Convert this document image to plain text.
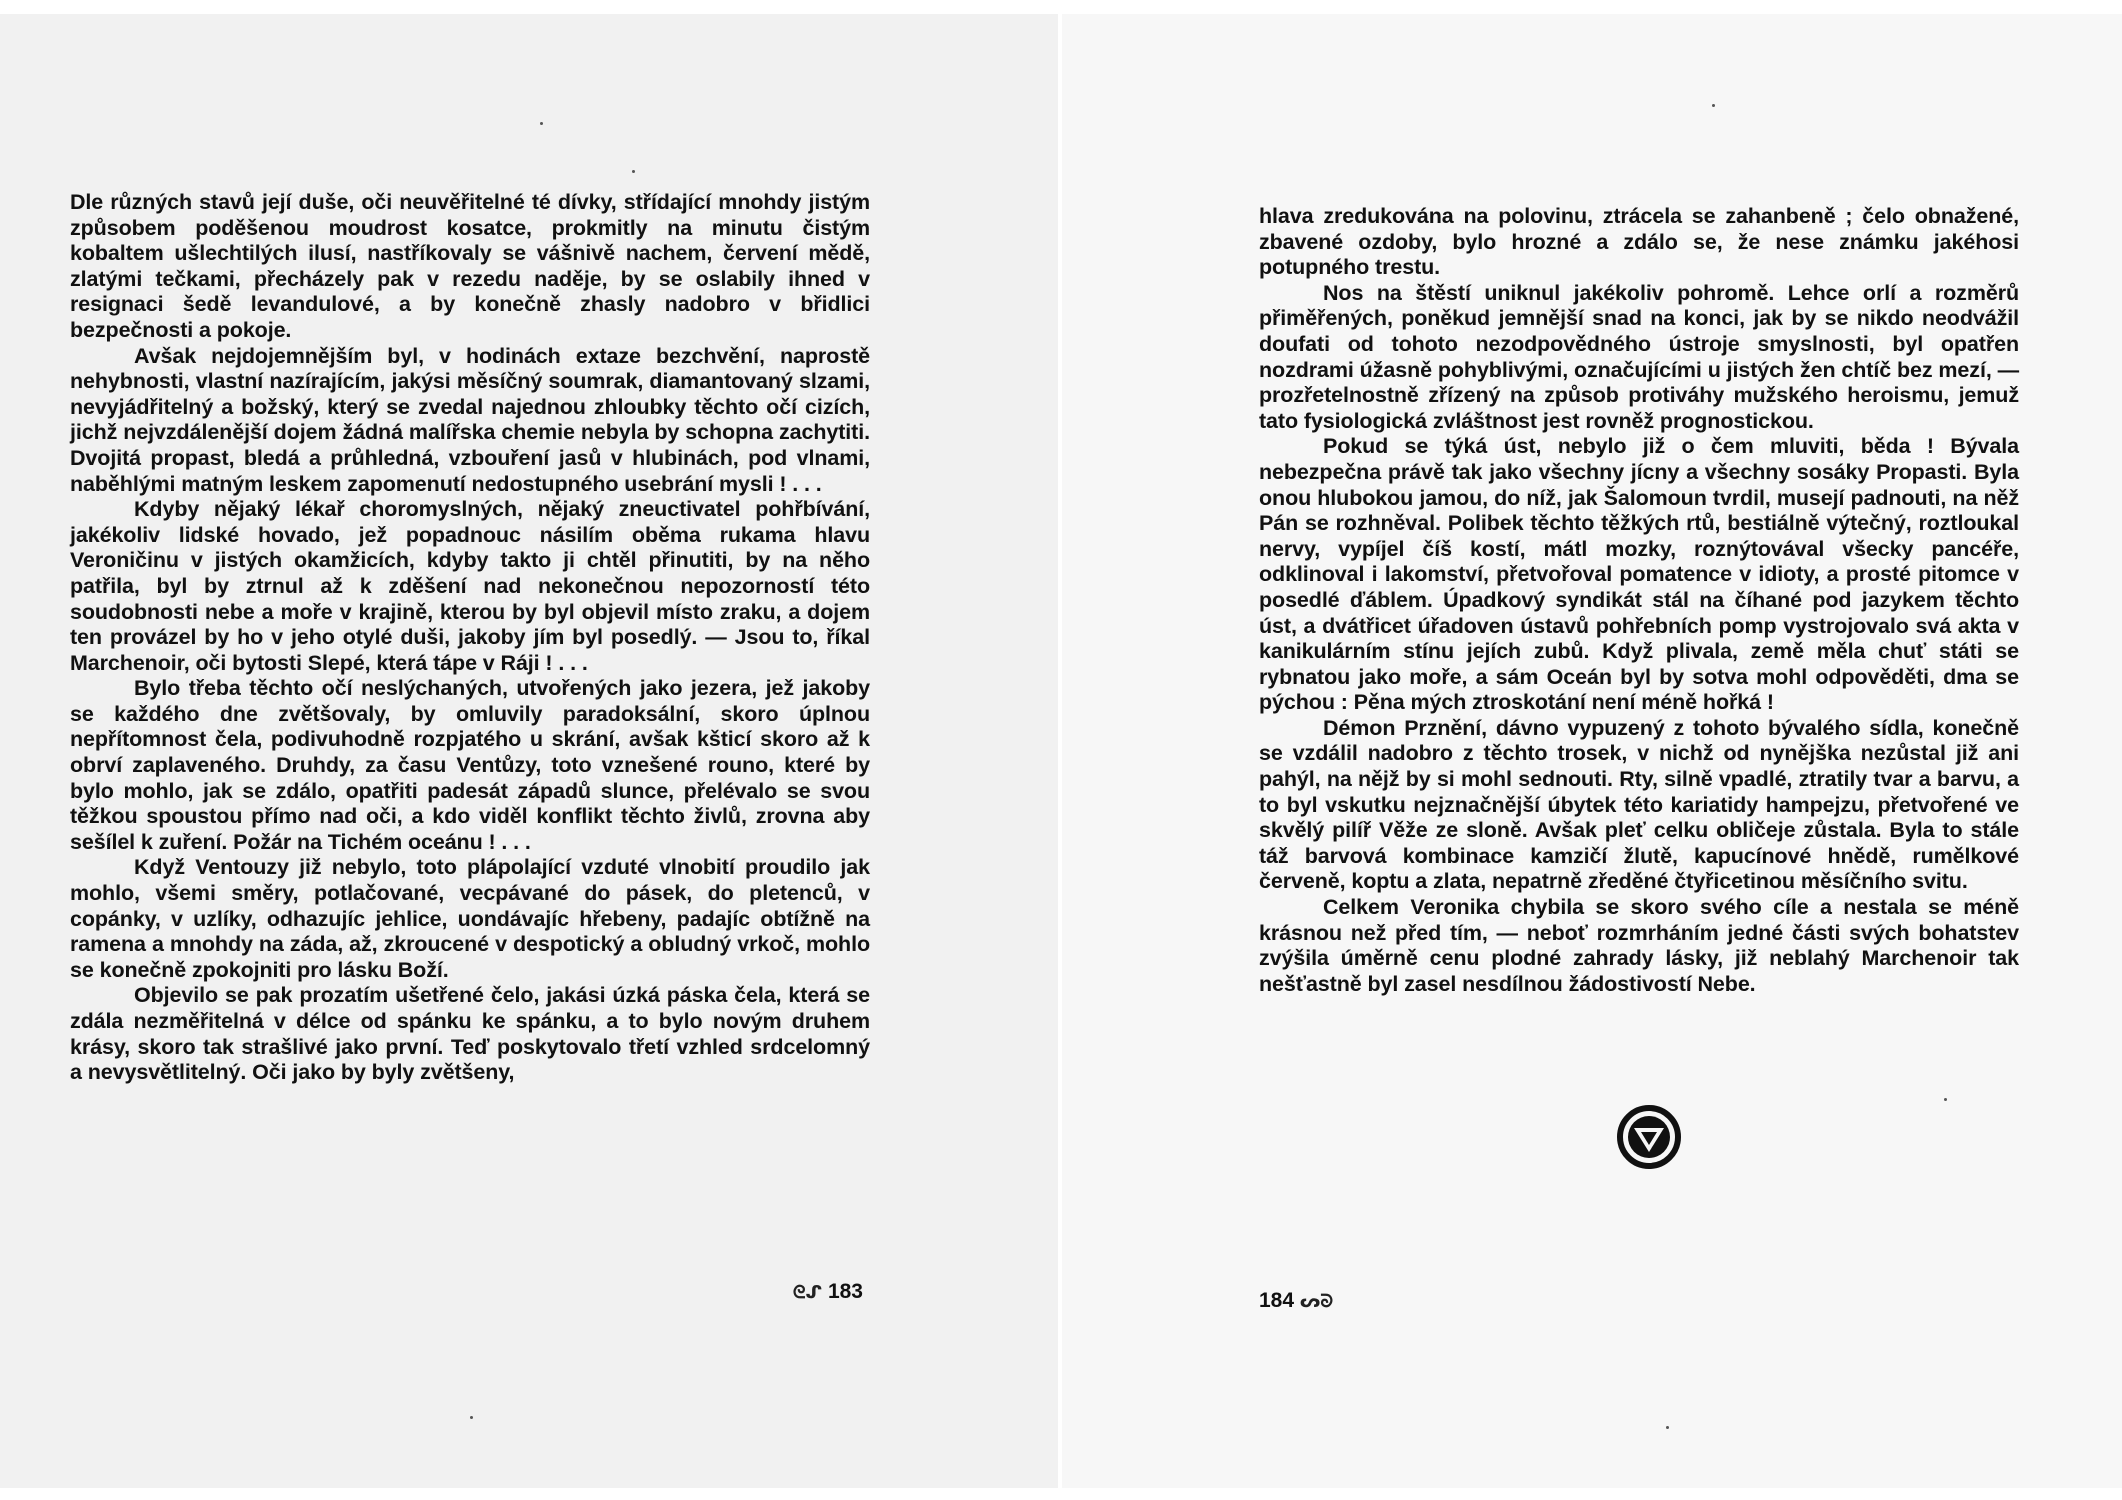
Dle různých stavů její duše, oči neuvěřitelné té dívky, střídající mnohdy jistým způsobem poděšenou moudrost kosatce, prokmitly na minutu čistým kobaltem ušlechtilých ilusí, nastříkovaly se vášnivě nachem, červení mědě, zlatými tečkami, přecházely pak v rezedu naděje, by se oslabily ihned v resignaci šedě levandulové, a by konečně zhasly nadobro v břidlici bezpečnosti a pokoje.

Avšak nejdojemnějším byl, v hodinách extaze bezchvění, naprostě nehybnosti, vlastní nazírajícím, jakýsi měsíčný soumrak, diamantovaný slzami, nevyjádřitelný a božský, který se zvedal najednou zhloubky těchto očí cizích, jichž nejvzdálenější dojem žádná malířska chemie nebyla by schopna zachytiti. Dvojitá propast, bledá a průhledná, vzbouření jasů v hlubinách, pod vlnami, naběhlými matným leskem zapomenutí nedostupného usebrání mysli ! . . .

Kdyby nějaký lékař choromyslných, nějaký zneuctivatel pohřbívání, jakékoliv lidské hovado, jež popadnouc násilím oběma rukama hlavu Veroničinu v jistých okamžicích, kdyby takto ji chtěl přinutiti, by na něho patřila, byl by ztrnul až k zděšení nad nekonečnou nepozorností této soudobnosti nebe a moře v krajině, kterou by byl objevil místo zraku, a dojem ten provázel by ho v jeho otylé duši, jakoby jím byl posedlý. — Jsou to, říkal Marchenoir, oči bytosti Slepé, která tápe v Ráji ! . . .

Bylo třeba těchto očí neslýchaných, utvořených jako jezera, jež jakoby se každého dne zvětšovaly, by omluvily paradoksální, skoro úplnou nepřítomnost čela, podivuhodně rozpjatého u skrání, avšak kšticí skoro až k obrví zaplaveného. Druhdy, za času Ventůzy, toto vznešené rouno, které by bylo mohlo, jak se zdálo, opatřiti padesát západů slunce, přelévalo se svou těžkou spoustou přímo nad oči, a kdo viděl konflikt těchto živlů, zrovna aby sešílel k zuření. Požár na Tichém oceánu ! . . .

Když Ventouzy již nebylo, toto plápolající vzduté vlnobití proudilo jak mohlo, všemi směry, potlačované, vecpávané do pásek, do pletenců, v copánky, v uzlíky, odhazujíc jehlice, uondávajíc hřebeny, padajíc obtížně na ramena a mnohdy na záda, až, zkroucené v despotický a obludný vrkoč, mohlo se konečně zpokojniti pro lásku Boží.

Objevilo se pak prozatím ušetřené čelo, jakási úzká páska čela, která se zdála nezměřitelná v délce od spánku ke spánku, a to bylo novým druhem krásy, skoro tak strašlivé jako první. Teď poskytovalo třetí vzhled srdcelomný a nevysvětlitelný. Oči jako by byly zvětšeny,

ᘓᔑ 183

hlava zredukována na polovinu, ztrácela se zahanbeně ; čelo obnažené, zbavené ozdoby, bylo hrozné a zdálo se, že nese známku jakéhosi potupného trestu.

Nos na štěstí uniknul jakékoliv pohromě. Lehce orlí a rozměrů přiměřených, poněkud jemnější snad na konci, jak by se nikdo neodvážil doufati od tohoto nezodpovědného ústroje smyslnosti, byl opatřen nozdrami úžasně pohyblivými, označujícími u jistých žen chtíč bez mezí, — prozřetelnostně zřízený na způsob protiváhy mužského heroismu, jemuž tato fysiologická zvláštnost jest rovněž prognostickou.

Pokud se týká úst, nebylo již o čem mluviti, běda ! Bývala nebezpečna právě tak jako všechny jícny a všechny sosáky Propasti. Byla onou hlubokou jamou, do níž, jak Šalomoun tvrdil, musejí padnouti, na něž Pán se rozhněval. Polibek těchto těžkých rtů, bestiálně výtečný, roztloukal nervy, vypíjel číš kostí, mátl mozky, roznýtovával všecky pancéře, odklinoval i lakomství, přetvořoval pomatence v idioty, a prosté pitomce v posedlé ďáblem. Úpadkový syndikát stál na číhané pod jazykem těchto úst, a dvátřicet úřadoven ústavů pohřebních pomp vystrojovalo svá akta v kanikulárním stínu jejích zubů. Když plivala, země měla chuť státi se rybnatou jako moře, a sám Oceán byl by sotva mohl odpověděti, dma se pýchou : Pěna mých ztroskotání není méně hořká !

Démon Prznění, dávno vypuzený z tohoto bývalého sídla, konečně se vzdálil nadobro z těchto trosek, v nichž od nynějška nezůstal již ani pahýl, na nějž by si mohl sednouti. Rty, silně vpadlé, ztratily tvar a barvu, a to byl vskutku nejznačnější úbytek této kariatidy hampejzu, přetvořené ve skvělý pilíř Věže ze sloně. Avšak pleť celku obličeje zůstala. Byla to stále táž barvová kombinace kamzičí žlutě, kapucínové hnědě, rumělkové červeně, koptu a zlata, nepatrně zředěné čtyřicetinou měsíčního svitu.

Celkem Veronika chybila se skoro svého cíle a nestala se méně krásnou než před tím, — neboť rozmrháním jedné části svých bohatstev zvýšila úměrně cenu plodné zahrady lásky, již neblahý Marchenoir tak nešťastně byl zasel nesdílnou žádostivostí Nebe.

184 ᔕᘐ
